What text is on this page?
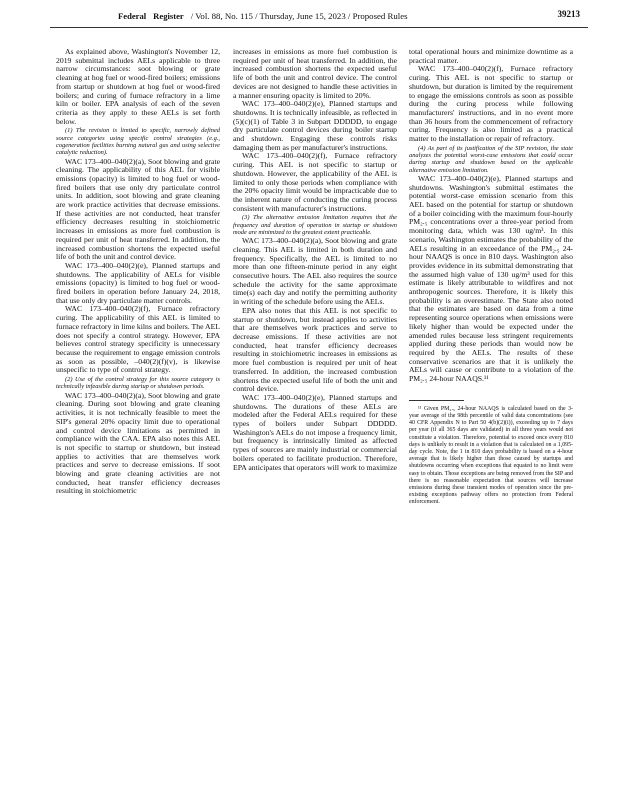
Federal Register / Vol. 88, No. 115 / Thursday, June 15, 2023 / Proposed Rules	39213

As explained above, Washington's November 12, 2019 submittal includes AELs applicable to three narrow circumstances: soot blowing or grate cleaning at hog fuel or wood-fired boilers; emissions from startup or shutdown at hog fuel or wood-fired boilers; and curing of furnace refractory in a lime kiln or boiler. EPA analysis of each of the seven criteria as they apply to these AELs is set forth below.

(1) The revision is limited to specific, narrowly defined source categories using specific control strategies (e.g., cogeneration facilities burning natural gas and using selective catalytic reduction).

WAC 173–400–040(2)(a), Soot blowing and grate cleaning. The applicability of this AEL for visible emissions (opacity) is limited to hog fuel or wood-fired boilers that use only dry particulate control units. In addition, soot blowing and grate cleaning are work practice activities that decrease emissions. If these activities are not conducted, heat transfer efficiency decreases resulting in stoichiometric increases in emissions as more fuel combustion is required per unit of heat transferred. In addition, the increased combustion shortens the expected useful life of both the unit and control device.

WAC 173–400–040(2)(e), Planned startups and shutdowns. The applicability of AELs for visible emissions (opacity) is limited to hog fuel or wood-fired boilers in operation before January 24, 2018, that use only dry particulate matter controls.

WAC 173–400–040(2)(f), Furnace refractory curing. The applicability of this AEL is limited to furnace refractory in lime kilns and boilers. The AEL does not specify a control strategy. However, EPA believes control strategy specificity is unnecessary because the requirement to engage emission controls as soon as possible, –040(2)(f)(v), is likewise unspecific to type of control strategy.

(2) Use of the control strategy for this source category is technically infeasible during startup or shutdown periods.

WAC 173–400–040(2)(a), Soot blowing and grate cleaning. During soot blowing and grate cleaning activities, it is not technically feasible to meet the SIP's general 20% opacity limit due to operational and control device limitations as permitted in compliance with the CAA. EPA also notes this AEL is not specific to startup or shutdown, but instead applies to activities that are themselves work practices and serve to decrease emissions. If soot blowing and grate cleaning activities are not conducted, heat transfer efficiency decreases resulting in stoichiometric

increases in emissions as more fuel combustion is required per unit of heat transferred. In addition, the increased combustion shortens the expected useful life of both the unit and control device. The control devices are not designed to handle these activities in a manner ensuring opacity is limited to 20%.

WAC 173–400–040(2)(e), Planned startups and shutdowns. It is technically infeasible, as reflected in (5)(c)(1) of Table 3 in Subpart DDDDD, to engage dry particulate control devices during boiler startup and shutdown. Engaging these controls risks damaging them as per manufacturer's instructions.

WAC 173–400–040(2)(f), Furnace refractory curing. This AEL is not specific to startup or shutdown. However, the applicability of the AEL is limited to only those periods when compliance with the 20% opacity limit would be impracticable due to the inherent nature of conducting the curing process consistent with manufacturer's instructions.

(3) The alternative emission limitation requires that the frequency and duration of operation in startup or shutdown mode are minimized to the greatest extent practicable.

WAC 173–400–040(2)(a), Soot blowing and grate cleaning. This AEL is limited in both duration and frequency. Specifically, the AEL is limited to no more than one fifteen-minute period in any eight consecutive hours. The AEL also requires the source schedule the activity for the same approximate time(s) each day and notify the permitting authority in writing of the schedule before using the AELs.

EPA also notes that this AEL is not specific to startup or shutdown, but instead applies to activities that are themselves work practices and serve to decrease emissions. If these activities are not conducted, heat transfer efficiency decreases resulting in stoichiometric increases in emissions as more fuel combustion is required per unit of heat transferred. In addition, the increased combustion shortens the expected useful life of both the unit and control device.

WAC 173–400–040(2)(e), Planned startups and shutdowns. The durations of these AELs are modeled after the Federal AELs required for these types of boilers under Subpart DDDDD. Washington's AELs do not impose a frequency limit, but frequency is intrinsically limited as affected types of sources are mainly industrial or commercial boilers operated to facilitate production. Therefore, EPA anticipates that operators will work to maximize

total operational hours and minimize downtime as a practical matter.

WAC 173–400–040(2)(f), Furnace refractory curing. This AEL is not specific to startup or shutdown, but duration is limited by the requirement to engage the emissions controls as soon as possible during the curing process while following manufacturers' instructions, and in no event more than 36 hours from the commencement of refractory curing. Frequency is also limited as a practical matter to the installation or repair of refractory.

(4) As part of its justification of the SIP revision, the state analyzes the potential worst-case emissions that could occur during startup and shutdown based on the applicable alternative emission limitation.

WAC 173–400–040(2)(e), Planned startups and shutdowns. Washington's submittal estimates the potential worst-case emission scenario from this AEL based on the potential for startup or shutdown of a boiler coinciding with the maximum four-hourly PM₂.₅ concentrations over a three-year period from monitoring data, which was 130 ug/m³. In this scenario, Washington estimates the probability of the AELs resulting in an exceedance of the PM₂.₅ 24-hour NAAQS is once in 810 days. Washington also provides evidence in its submittal demonstrating that the assumed high value of 130 ug/m³ used for this estimate is likely attributable to wildfires and not anthropogenic sources. Therefore, it is likely this probability is an overestimate. The State also noted that the estimates are based on data from a time representing source operations when emissions were likely higher than would be expected under the amended rules because less stringent requirements applied during these periods than would now be required by the AELs. The results of these conservative scenarios are that it is unlikely the AELs will cause or contribute to a violation of the PM₂.₅ 24-hour NAAQS.¹¹

¹¹ Given PM₂.₅ 24-hour NAAQS is calculated based on the 3-year average of the 98th percentile of valid data concentrations (see 40 CFR Appendix N to Part 50 4(b)(2)(i)), exceeding up to 7 days per year (if all 365 days are validated) in all three years would not constitute a violation. Therefore, potential to exceed once every 810 days is unlikely to result in a violation that is calculated on a 1,095-day cycle. Note, the 1 in 810 days probability is based on a 4-hour average that is likely higher than those caused by startups and shutdowns occurring when exceptions that equated to no limit were easy to obtain. Those exceptions are being removed from the SIP and there is no reasonable expectation that sources will increase emissions during these transient modes of operation since the pre-existing exceptions pathway offers no protection from Federal enforcement.
